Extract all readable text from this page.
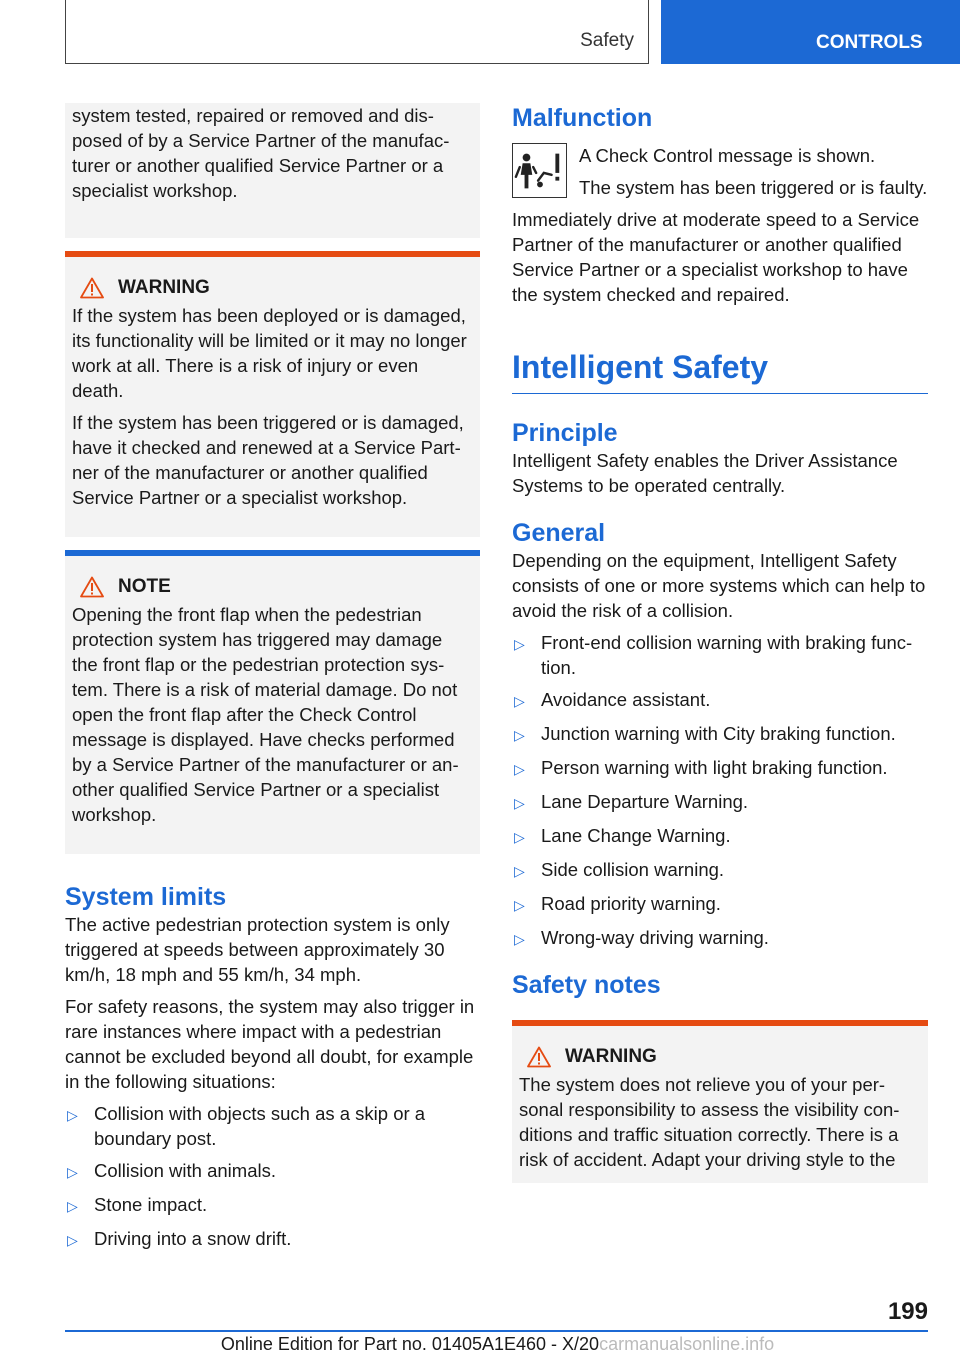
Safety	CONTROLS

system tested, repaired or removed and disposed of by a Service Partner of the manufacturer or another qualified Service Partner or a specialist workshop.

WARNING

If the system has been deployed or is damaged, its functionality will be limited or it may no longer work at all. There is a risk of injury or even death.

If the system has been triggered or is damaged, have it checked and renewed at a Service Partner of the manufacturer or another qualified Service Partner or a specialist workshop.

NOTE

Opening the front flap when the pedestrian protection system has triggered may damage the front flap or the pedestrian protection system. There is a risk of material damage. Do not open the front flap after the Check Control message is displayed. Have checks performed by a Service Partner of the manufacturer or another qualified Service Partner or a specialist workshop.

System limits

The active pedestrian protection system is only triggered at speeds between approximately 30 km/h, 18 mph and 55 km/h, 34 mph.

For safety reasons, the system may also trigger in rare instances where impact with a pedestrian cannot be excluded beyond all doubt, for example in the following situations:

▷ Collision with objects such as a skip or a boundary post.
▷ Collision with animals.
▷ Stone impact.
▷ Driving into a snow drift.
Malfunction

A Check Control message is shown.

The system has been triggered or is faulty.

Immediately drive at moderate speed to a Service Partner of the manufacturer or another qualified Service Partner or a specialist workshop to have the system checked and repaired.

Intelligent Safety
Principle

Intelligent Safety enables the Driver Assistance Systems to be operated centrally.

General

Depending on the equipment, Intelligent Safety consists of one or more systems which can help to avoid the risk of a collision.

▷ Front-end collision warning with braking function.
▷ Avoidance assistant.
▷ Junction warning with City braking function.
▷ Person warning with light braking function.
▷ Lane Departure Warning.
▷ Lane Change Warning.
▷ Side collision warning.
▷ Road priority warning.
▷ Wrong-way driving warning.
Safety notes
WARNING

The system does not relieve you of your personal responsibility to assess the visibility conditions and traffic situation correctly. There is a risk of accident. Adapt your driving style to the

199
Online Edition for Part no. 01405A1E460 - X/20carmanualsonline.info
